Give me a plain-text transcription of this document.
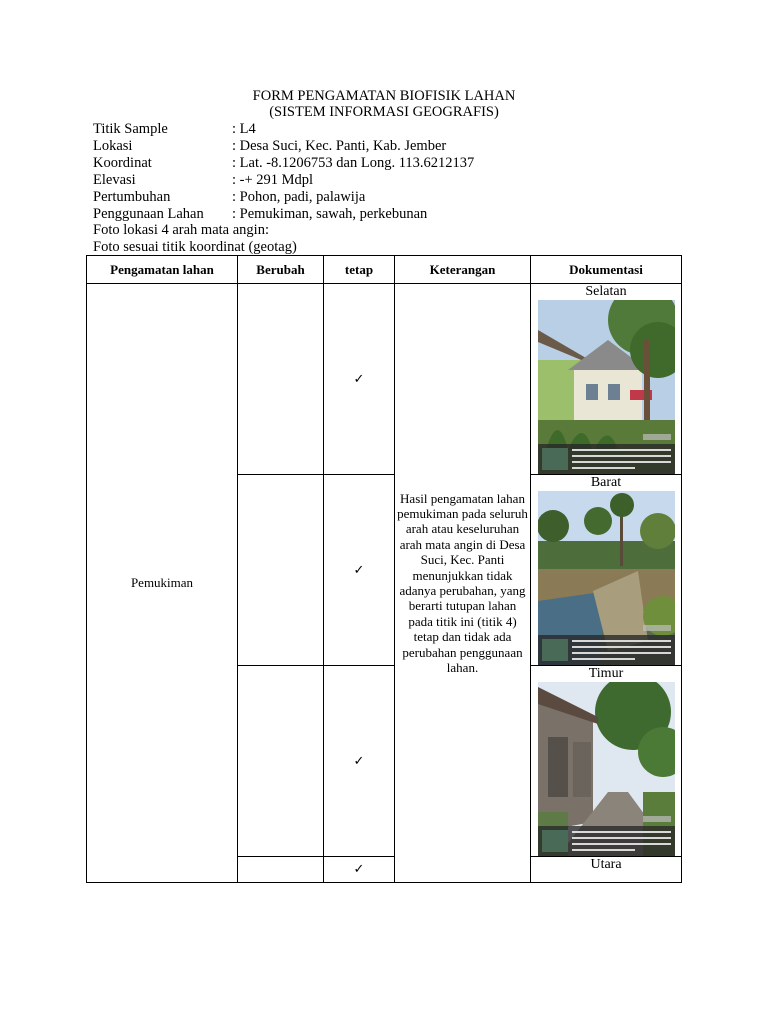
FORM PENGAMATAN BIOFISIK LAHAN
(SISTEM INFORMASI GEOGRAFIS)
Titik Sample	: L4
Lokasi	: Desa Suci, Kec. Panti, Kab. Jember
Koordinat	: Lat. -8.1206753 dan Long. 113.6212137
Elevasi	: -+ 291 Mdpl
Pertumbuhan	: Pohon, padi, palawija
Penggunaan Lahan	: Pemukiman, sawah, perkebunan
Foto lokasi 4 arah mata angin:
Foto sesuai titik koordinat (geotag)
Pengamatan lahan	Berubah	tetap	Keterangan	Dokumentasi
Pemukiman		✓	Hasil pengamatan lahan pemukiman pada seluruh arah atau keseluruhan arah mata angin di Desa Suci, Kec. Panti menunjukkan tidak adanya perubahan, yang berarti tutupan lahan pada titik ini (titik 4) tetap dan tidak ada perubahan penggunaan lahan.	Selatan

		✓		Barat

		✓		Timur

		✓		Utara
